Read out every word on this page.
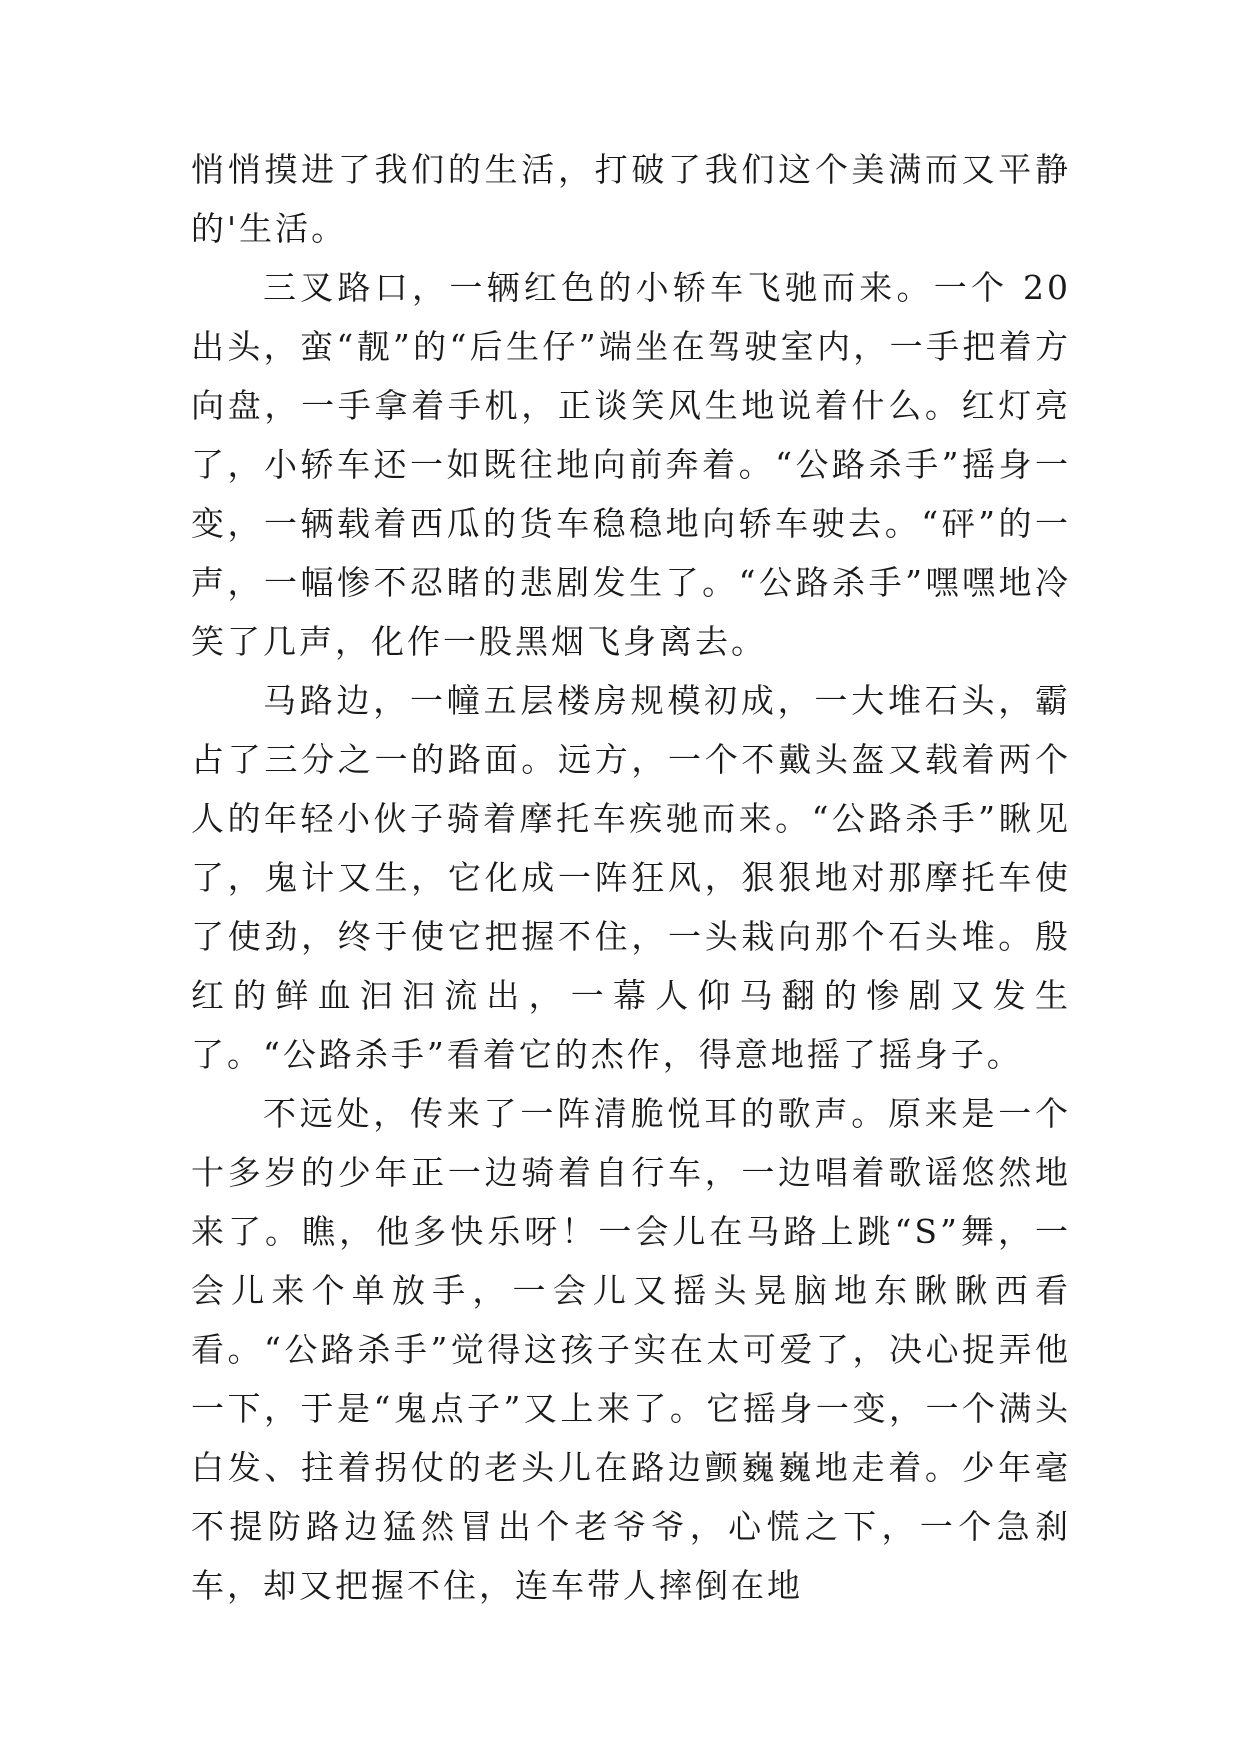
悄悄摸进了我们的生活，打破了我们这个美满而又平静的'生活。

三叉路口，一辆红色的小轿车飞驰而来。一个 20 出头，蛮“靓”的“后生仔”端坐在驾驶室内，一手把着方向盘，一手拿着手机，正谈笑风生地说着什么。红灯亮了，小轿车还一如既往地向前奔着。“公路杀手”摇身一变，一辆载着西瓜的货车稳稳地向轿车驶去。“砰”的一声，一幅惨不忍睹的悲剧发生了。“公路杀手”嘿嘿地冷笑了几声，化作一股黑烟飞身离去。

马路边，一幢五层楼房规模初成，一大堆石头，霸占了三分之一的路面。远方，一个不戴头盔又载着两个人的年轻小伙子骑着摩托车疾驰而来。“公路杀手”瞅见了，鬼计又生，它化成一阵狂风，狠狠地对那摩托车使了使劲，终于使它把握不住，一头栽向那个石头堆。殷红的鲜血汩汩流出，一幕人仰马翻的惨剧又发生了。“公路杀手”看着它的杰作，得意地摇了摇身子。

不远处，传来了一阵清脆悦耳的歌声。原来是一个十多岁的少年正一边骑着自行车，一边唱着歌谣悠然地来了。瞧，他多快乐呀！一会儿在马路上跳“S”舞，一会儿来个单放手，一会儿又摇头晃脑地东瞅瞅西看看。“公路杀手”觉得这孩子实在太可爱了，决心捉弄他一下，于是“鬼点子”又上来了。它摇身一变，一个满头白发、拄着拐仗的老头儿在路边颤巍巍地走着。少年毫不提防路边猛然冒出个老爷爷，心慌之下，一个急刹车，却又把握不住，连车带人摔倒在地
